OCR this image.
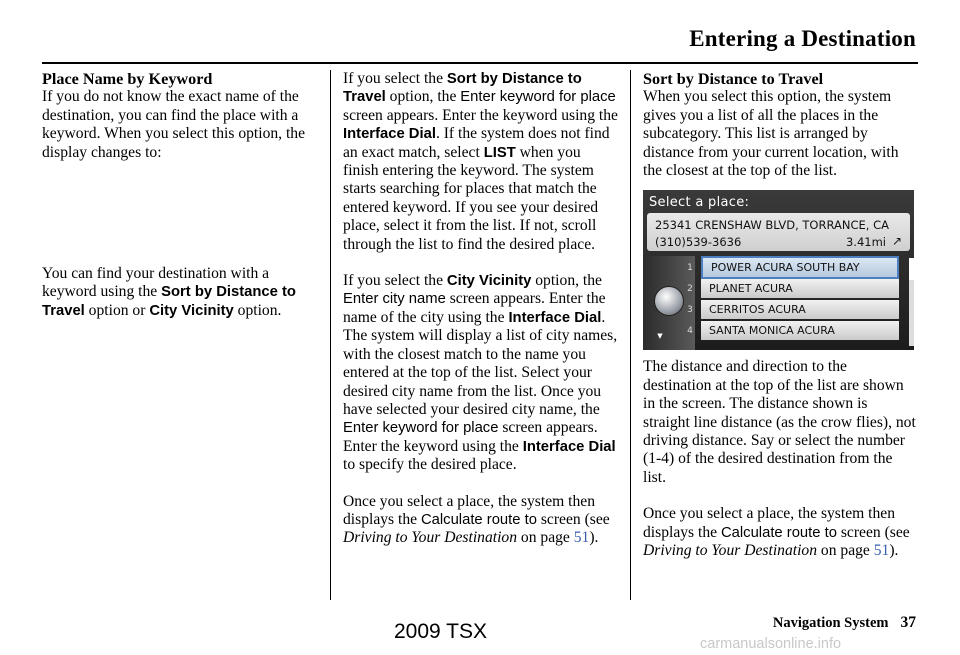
Entering a Destination
Place Name by Keyword

If you do not know the exact name of the destination, you can find the place with a keyword. When you select this option, the display changes to:

You can find your destination with a keyword using the Sort by Distance to Travel option or City Vicinity option.

If you select the Sort by Distance to Travel option, the Enter keyword for place screen appears. Enter the keyword using the Interface Dial. If the system does not find an exact match, select LIST when you finish entering the keyword. The system starts searching for places that match the entered keyword. If you see your desired place, select it from the list. If not, scroll through the list to find the desired place.

If you select the City Vicinity option, the Enter city name screen appears. Enter the name of the city using the Interface Dial. The system will display a list of city names, with the closest match to the name you entered at the top of the list. Select your desired city name from the list. Once you have selected your desired city name, the Enter keyword for place screen appears. Enter the keyword using the Interface Dial to specify the desired place.

Once you select a place, the system then displays the Calculate route to screen (see Driving to Your Destination on page 51).

Sort by Distance to Travel

When you select this option, the system gives you a list of all the places in the subcategory. This list is arranged by distance from your current location, with the closest at the top of the list.

Select a place:
25341 CRENSHAW BLVD, TORRANCE, CA
(310)539-3636	3.41mi ↗
▼
DOWN
1	POWER ACURA SOUTH BAY
2	PLANET ACURA
3	CERRITOS ACURA
4	SANTA MONICA ACURA

The distance and direction to the destination at the top of the list are shown in the screen. The distance shown is straight line distance (as the crow flies), not driving distance. Say or select the number (1-4) of the desired destination from the list.

Once you select a place, the system then displays the Calculate route to screen (see Driving to Your Destination on page 51).

Navigation System 37
2009 TSX
carmanualsonline.info
